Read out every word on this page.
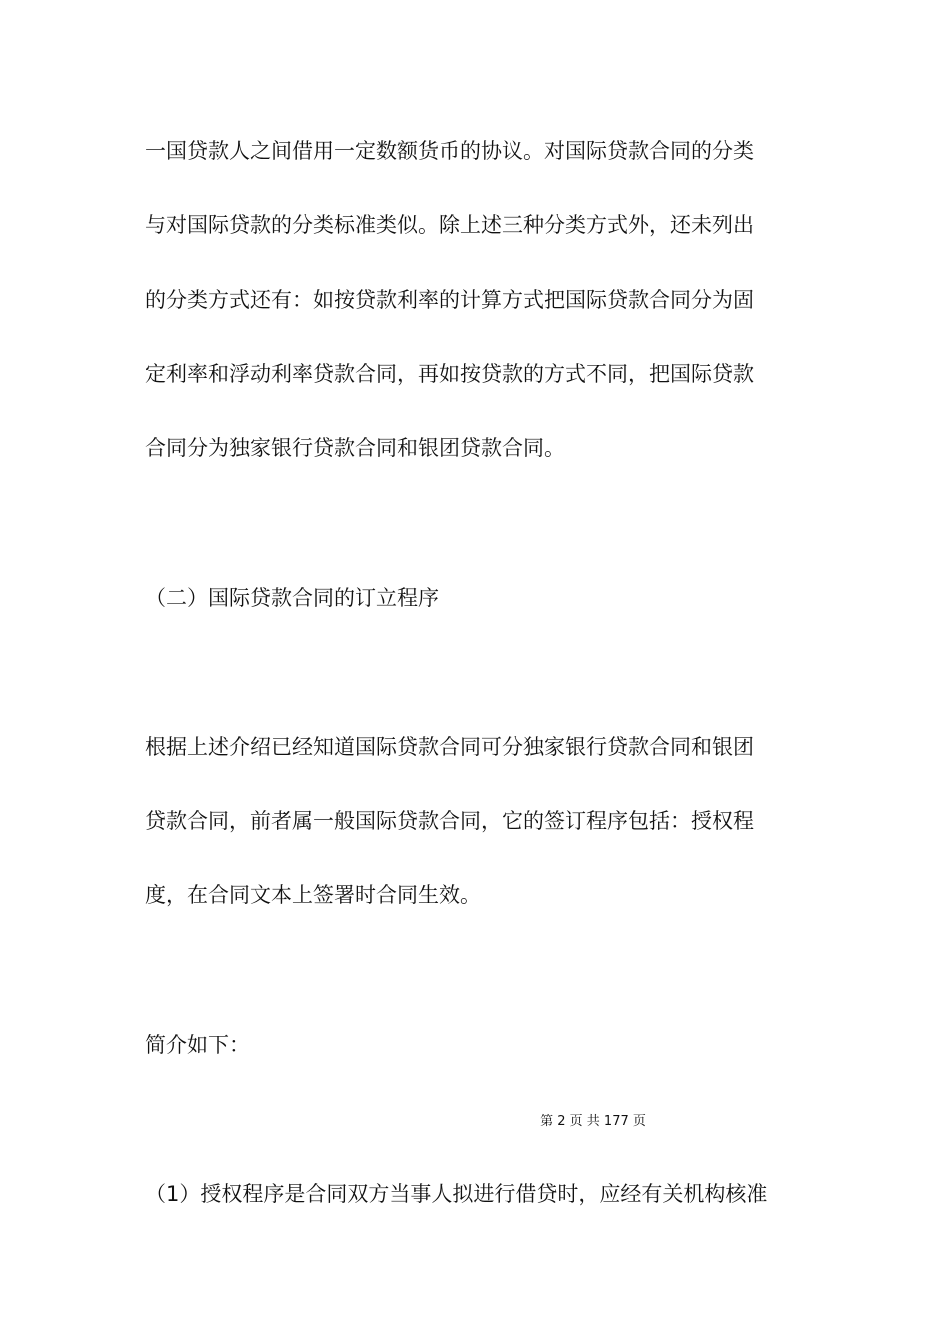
一国贷款人之间借用一定数额货币的协议。对国际贷款合同的分类
与对国际贷款的分类标准类似。除上述三种分类方式外，还未列出
的分类方式还有：如按贷款利率的计算方式把国际贷款合同分为固
定利率和浮动利率贷款合同，再如按贷款的方式不同，把国际贷款
合同分为独家银行贷款合同和银团贷款合同。
（二）国际贷款合同的订立程序
根据上述介绍已经知道国际贷款合同可分独家银行贷款合同和银团
贷款合同，前者属一般国际贷款合同，它的签订程序包括：授权程
度，在合同文本上签署时合同生效。
简介如下：
第 2 页 共 177 页
（1）授权程序是合同双方当事人拟进行借贷时，应经有关机构核准
